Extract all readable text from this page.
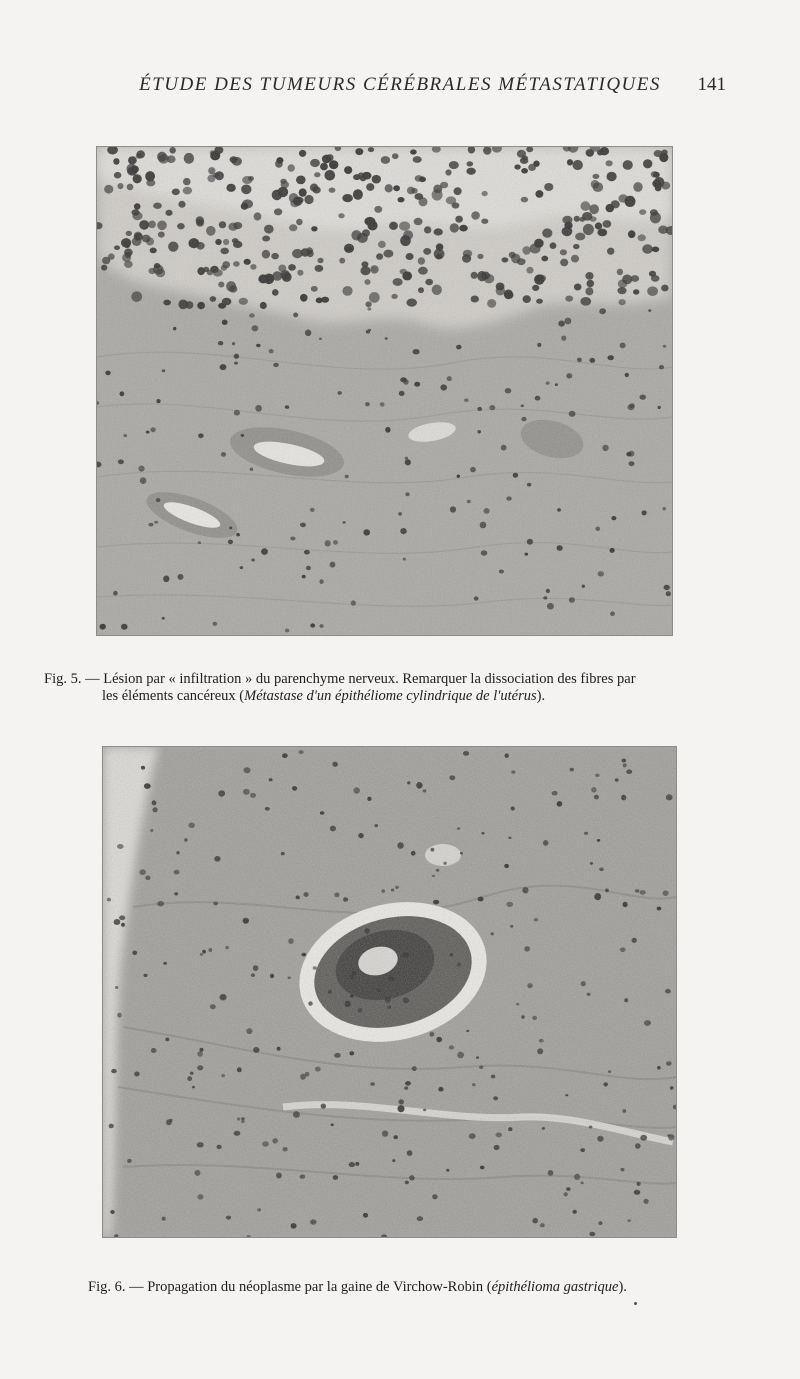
ÉTUDE DES TUMEURS CÉRÉBRALES MÉTASTATIQUES	141

Fig. 5. — Lésion par « infiltration » du parenchyme nerveux. Remarquer la dissociation des fibres par
les éléments cancéreux (Métastase d'un épithéliome cylindrique de l'utérus).

Fig. 6. — Propagation du néoplasme par la gaine de Virchow-Robin (épithélioma gastrique).
